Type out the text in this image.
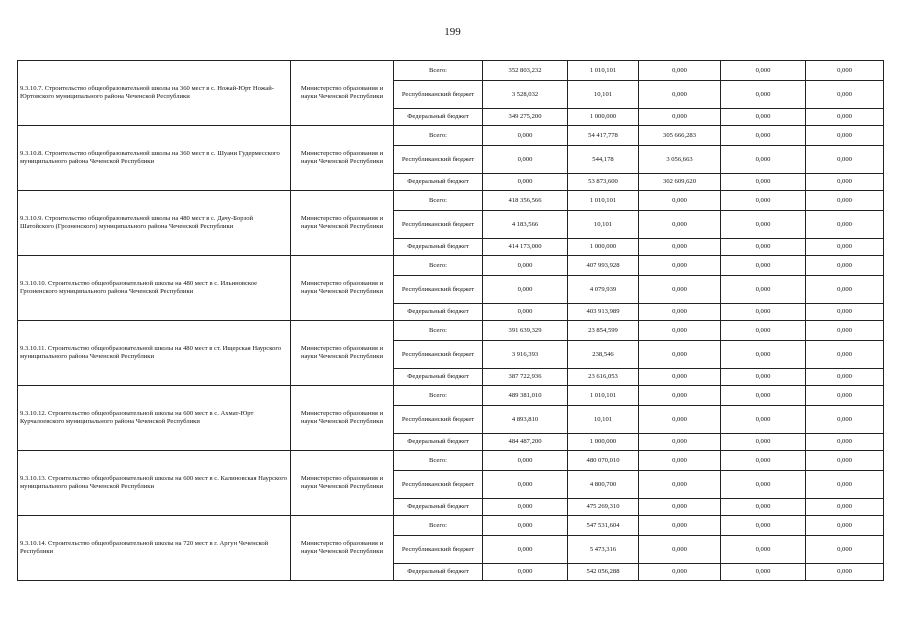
199
9.3.10.7. Строительство общеобразовательной школы на 360 мест в с. Ножай-Юрт Ножай-Юртовского муниципального района Чеченской Республики	Министерство образования и науки Чеченской Республики	Всего:	352 803,232	1 010,101	0,000	0,000	0,000
		Республиканский бюджет	3 528,032	10,101	0,000	0,000	0,000
		Федеральный бюджет	349 275,200	1 000,000	0,000	0,000	0,000
9.3.10.8. Строительство общеобразовательной школы на 360 мест в с. Шуани Гудермесского муниципального района Чеченской Республики	Министерство образования и науки Чеченской Республики	Всего:	0,000	54 417,778	305 666,283	0,000	0,000
		Республиканский бюджет	0,000	544,178	3 056,663	0,000	0,000
		Федеральный бюджет	0,000	53 873,600	302 609,620	0,000	0,000
9.3.10.9. Строительство общеобразовательной школы на 480 мест в с. Дачу-Борзой Шатойского (Грозненского) муниципального района Чеченской Республики	Министерство образования и науки Чеченской Республики	Всего:	418 356,566	1 010,101	0,000	0,000	0,000
		Республиканский бюджет	4 183,566	10,101	0,000	0,000	0,000
		Федеральный бюджет	414 173,000	1 000,000	0,000	0,000	0,000
9.3.10.10. Строительство общеобразовательной школы на 480 мест в с. Ильиновское Грозненского муниципального района Чеченской Республики	Министерство образования и науки Чеченской Республики	Всего:	0,000	407 993,928	0,000	0,000	0,000
		Республиканский бюджет	0,000	4 079,939	0,000	0,000	0,000
		Федеральный бюджет	0,000	403 913,989	0,000	0,000	0,000
9.3.10.11. Строительство общеобразовательной школы на 480 мест в ст. Ищерская Наурского муниципального района Чеченской Республики	Министерство образования и науки Чеченской Республики	Всего:	391 639,329	23 854,599	0,000	0,000	0,000
		Республиканский бюджет	3 916,393	238,546	0,000	0,000	0,000
		Федеральный бюджет	387 722,936	23 616,053	0,000	0,000	0,000
9.3.10.12. Строительство общеобразовательной школы на 600 мест в с. Ахмат-Юрт Курчалоевского муниципального района Чеченской Республики	Министерство образования и науки Чеченской Республики	Всего:	489 381,010	1 010,101	0,000	0,000	0,000
		Республиканский бюджет	4 893,810	10,101	0,000	0,000	0,000
		Федеральный бюджет	484 487,200	1 000,000	0,000	0,000	0,000
9.3.10.13. Строительство общеобразовательной школы на 600 мест в с. Калиновская Наурского муниципального района Чеченской Республики	Министерство образования и науки Чеченской Республики	Всего:	0,000	480 070,010	0,000	0,000	0,000
		Республиканский бюджет	0,000	4 800,700	0,000	0,000	0,000
		Федеральный бюджет	0,000	475 269,310	0,000	0,000	0,000
9.3.10.14. Строительство общеобразовательной школы на 720 мест в г. Аргун Чеченской Республики	Министерство образования и науки Чеченской Республики	Всего:	0,000	547 531,604	0,000	0,000	0,000
		Республиканский бюджет	0,000	5 473,316	0,000	0,000	0,000
		Федеральный бюджет	0,000	542 056,288	0,000	0,000	0,000
